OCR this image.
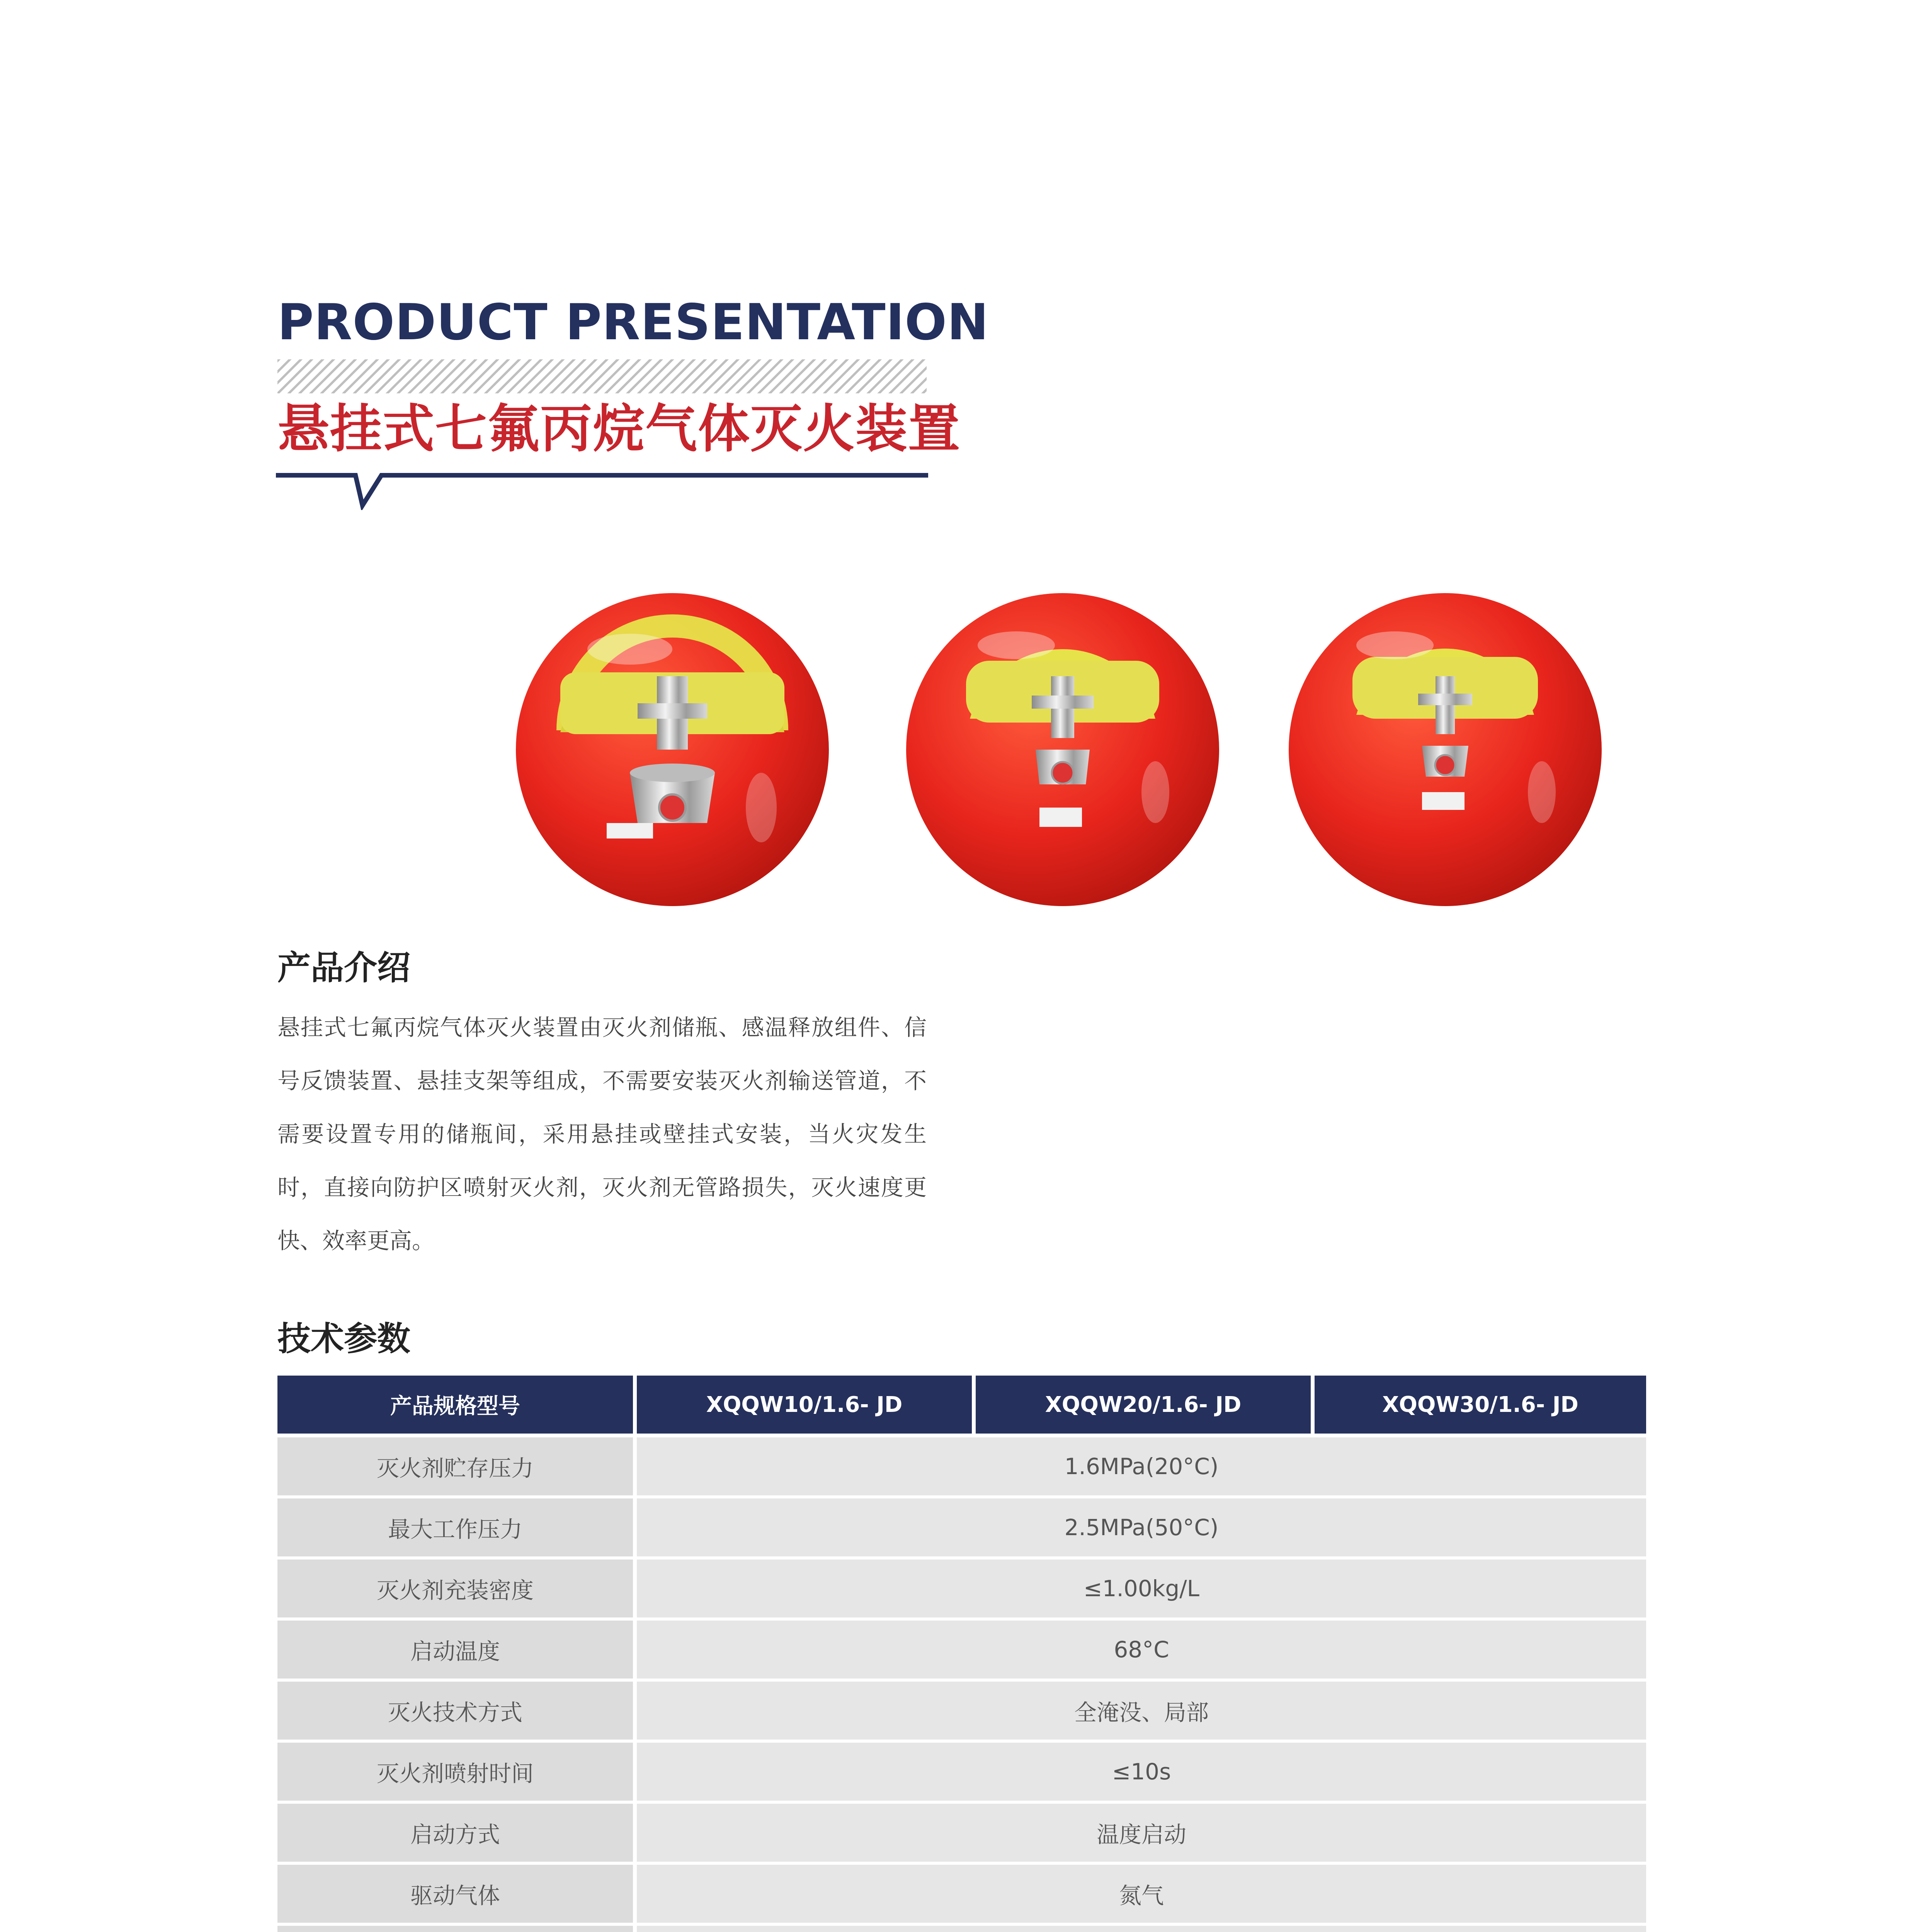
PRODUCT PRESENTATION
悬挂式七氟丙烷气体灭火装置
产品介绍
悬挂式七氟丙烷气体灭火装置由灭火剂储瓶、感温释放组件、信号反馈装置、悬挂支架等组成，不需要安装灭火剂输送管道，不需要设置专用的储瓶间，采用悬挂或壁挂式安装，当火灾发生时，直接向防护区喷射灭火剂，灭火剂无管路损失，灭火速度更快、效率更高。
技术参数
产品规格型号	XQQW10/1.6- JD	XQQW20/1.6- JD	XQQW30/1.6- JD
灭火剂贮存压力	1.6MPa(20°C)
最大工作压力	2.5MPa(50°C)
灭火剂充装密度	≤1.00kg/L
启动温度	68°C
灭火技术方式	全淹没、局部
灭火剂喷射时间	≤10s
启动方式	温度启动
驱动气体	氮气
